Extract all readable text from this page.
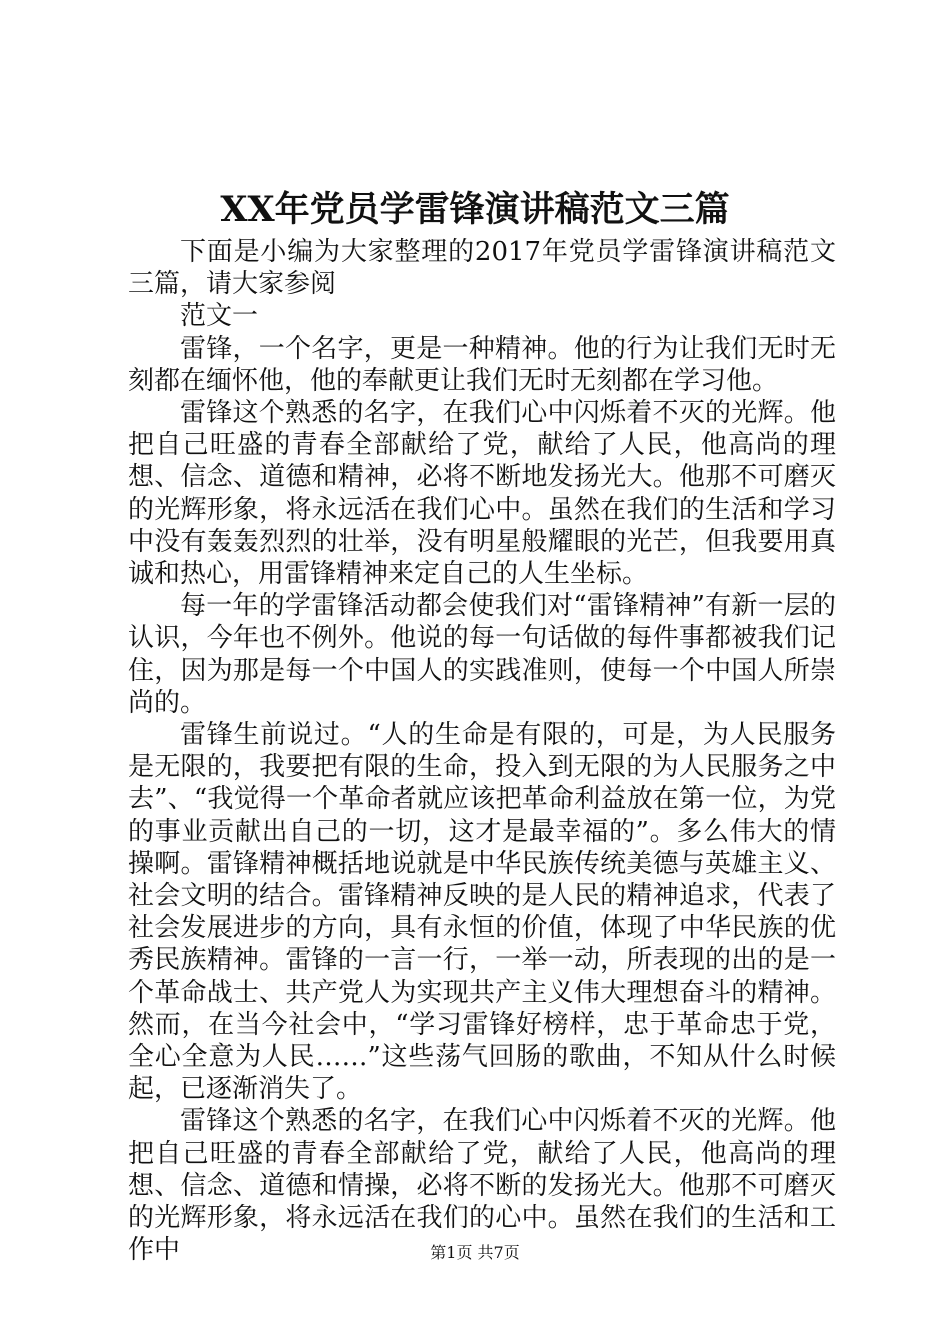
XX年党员学雷锋演讲稿范文三篇

下面是小编为大家整理的2017年党员学雷锋演讲稿范文三篇，请大家参阅

范文一

雷锋，一个名字，更是一种精神。他的行为让我们无时无刻都在缅怀他，他的奉献更让我们无时无刻都在学习他。

雷锋这个熟悉的名字，在我们心中闪烁着不灭的光辉。他把自己旺盛的青春全部献给了党，献给了人民，他高尚的理想、信念、道德和精神，必将不断地发扬光大。他那不可磨灭的光辉形象，将永远活在我们心中。虽然在我们的生活和学习中没有轰轰烈烈的壮举，没有明星般耀眼的光芒，但我要用真诚和热心，用雷锋精神来定自己的人生坐标。

每一年的学雷锋活动都会使我们对“雷锋精神”有新一层的认识，今年也不例外。他说的每一句话做的每件事都被我们记住，因为那是每一个中国人的实践准则，使每一个中国人所崇尚的。

雷锋生前说过。“人的生命是有限的，可是，为人民服务是无限的，我要把有限的生命，投入到无限的为人民服务之中去”、“我觉得一个革命者就应该把革命利益放在第一位，为党的事业贡献出自己的一切，这才是最幸福的”。多么伟大的情操啊。雷锋精神概括地说就是中华民族传统美德与英雄主义、社会文明的结合。雷锋精神反映的是人民的精神追求，代表了社会发展进步的方向，具有永恒的价值，体现了中华民族的优秀民族精神。雷锋的一言一行，一举一动，所表现的出的是一个革命战士、共产党人为实现共产主义伟大理想奋斗的精神。然而，在当今社会中，“学习雷锋好榜样，忠于革命忠于党，全心全意为人民……”这些荡气回肠的歌曲，不知从什么时候起，已逐渐消失了。

雷锋这个熟悉的名字，在我们心中闪烁着不灭的光辉。他把自己旺盛的青春全部献给了党，献给了人民，他高尚的理想、信念、道德和情操，必将不断的发扬光大。他那不可磨灭的光辉形象，将永远活在我们的心中。虽然在我们的生活和工作中	第1页 共7页
